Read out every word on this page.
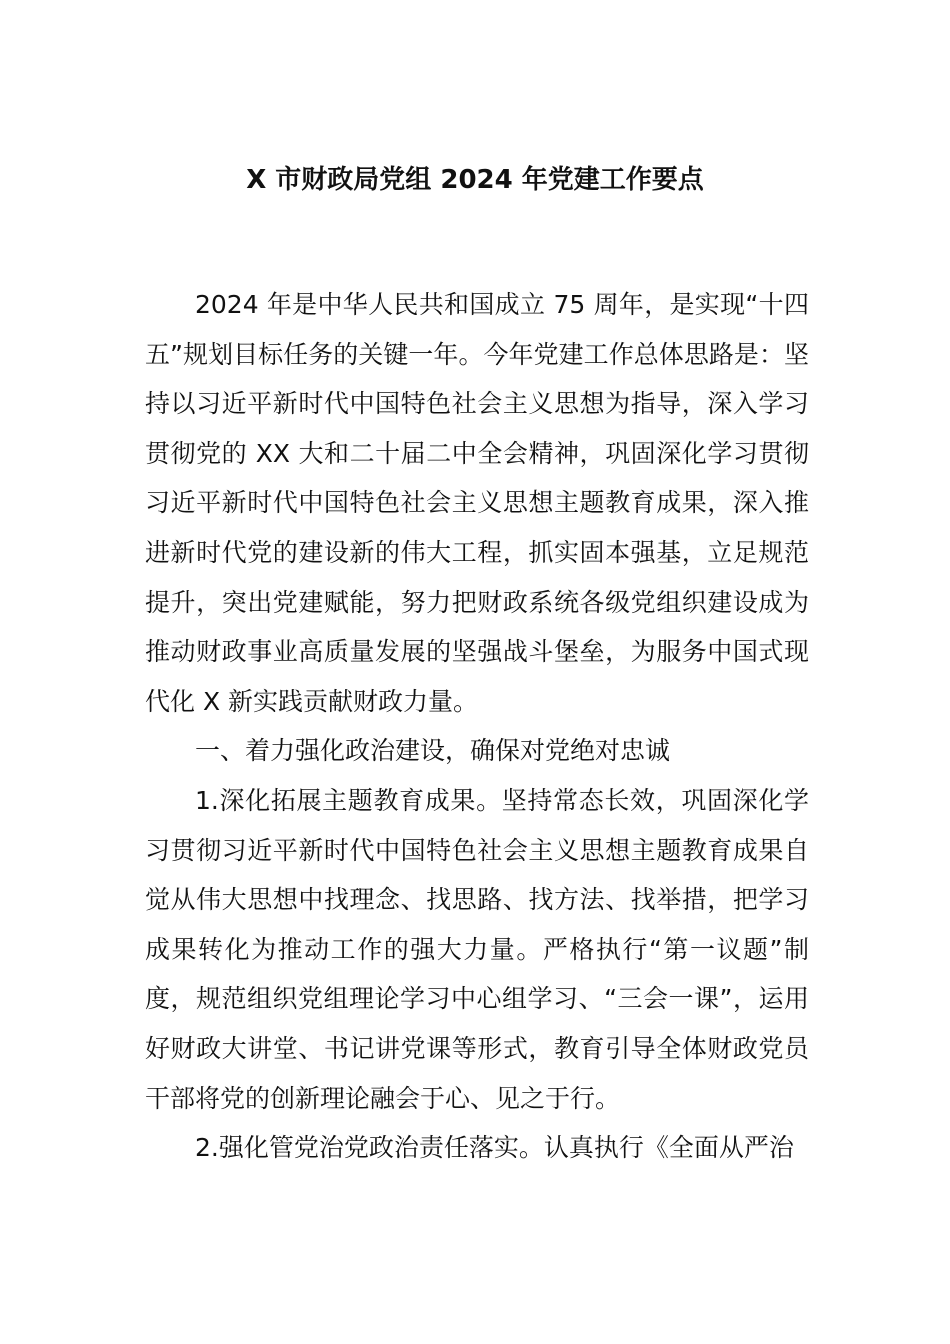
X 市财政局党组 2024 年党建工作要点

2024 年是中华人民共和国成立 75 周年，是实现“十四五”规划目标任务的关键一年。今年党建工作总体思路是：坚持以习近平新时代中国特色社会主义思想为指导，深入学习贯彻党的 XX 大和二十届二中全会精神，巩固深化学习贯彻习近平新时代中国特色社会主义思想主题教育成果，深入推进新时代党的建设新的伟大工程，抓实固本强基，立足规范提升，突出党建赋能，努力把财政系统各级党组织建设成为推动财政事业高质量发展的坚强战斗堡垒，为服务中国式现代化 X 新实践贡献财政力量。

一、着力强化政治建设，确保对党绝对忠诚

1.深化拓展主题教育成果。坚持常态长效，巩固深化学习贯彻习近平新时代中国特色社会主义思想主题教育成果自觉从伟大思想中找理念、找思路、找方法、找举措，把学习成果转化为推动工作的强大力量。严格执行“第一议题”制度，规范组织党组理论学习中心组学习、“三会一课”，运用好财政大讲堂、书记讲党课等形式，教育引导全体财政党员干部将党的创新理论融会于心、见之于行。

2.强化管党治党政治责任落实。认真执行《全面从严治
